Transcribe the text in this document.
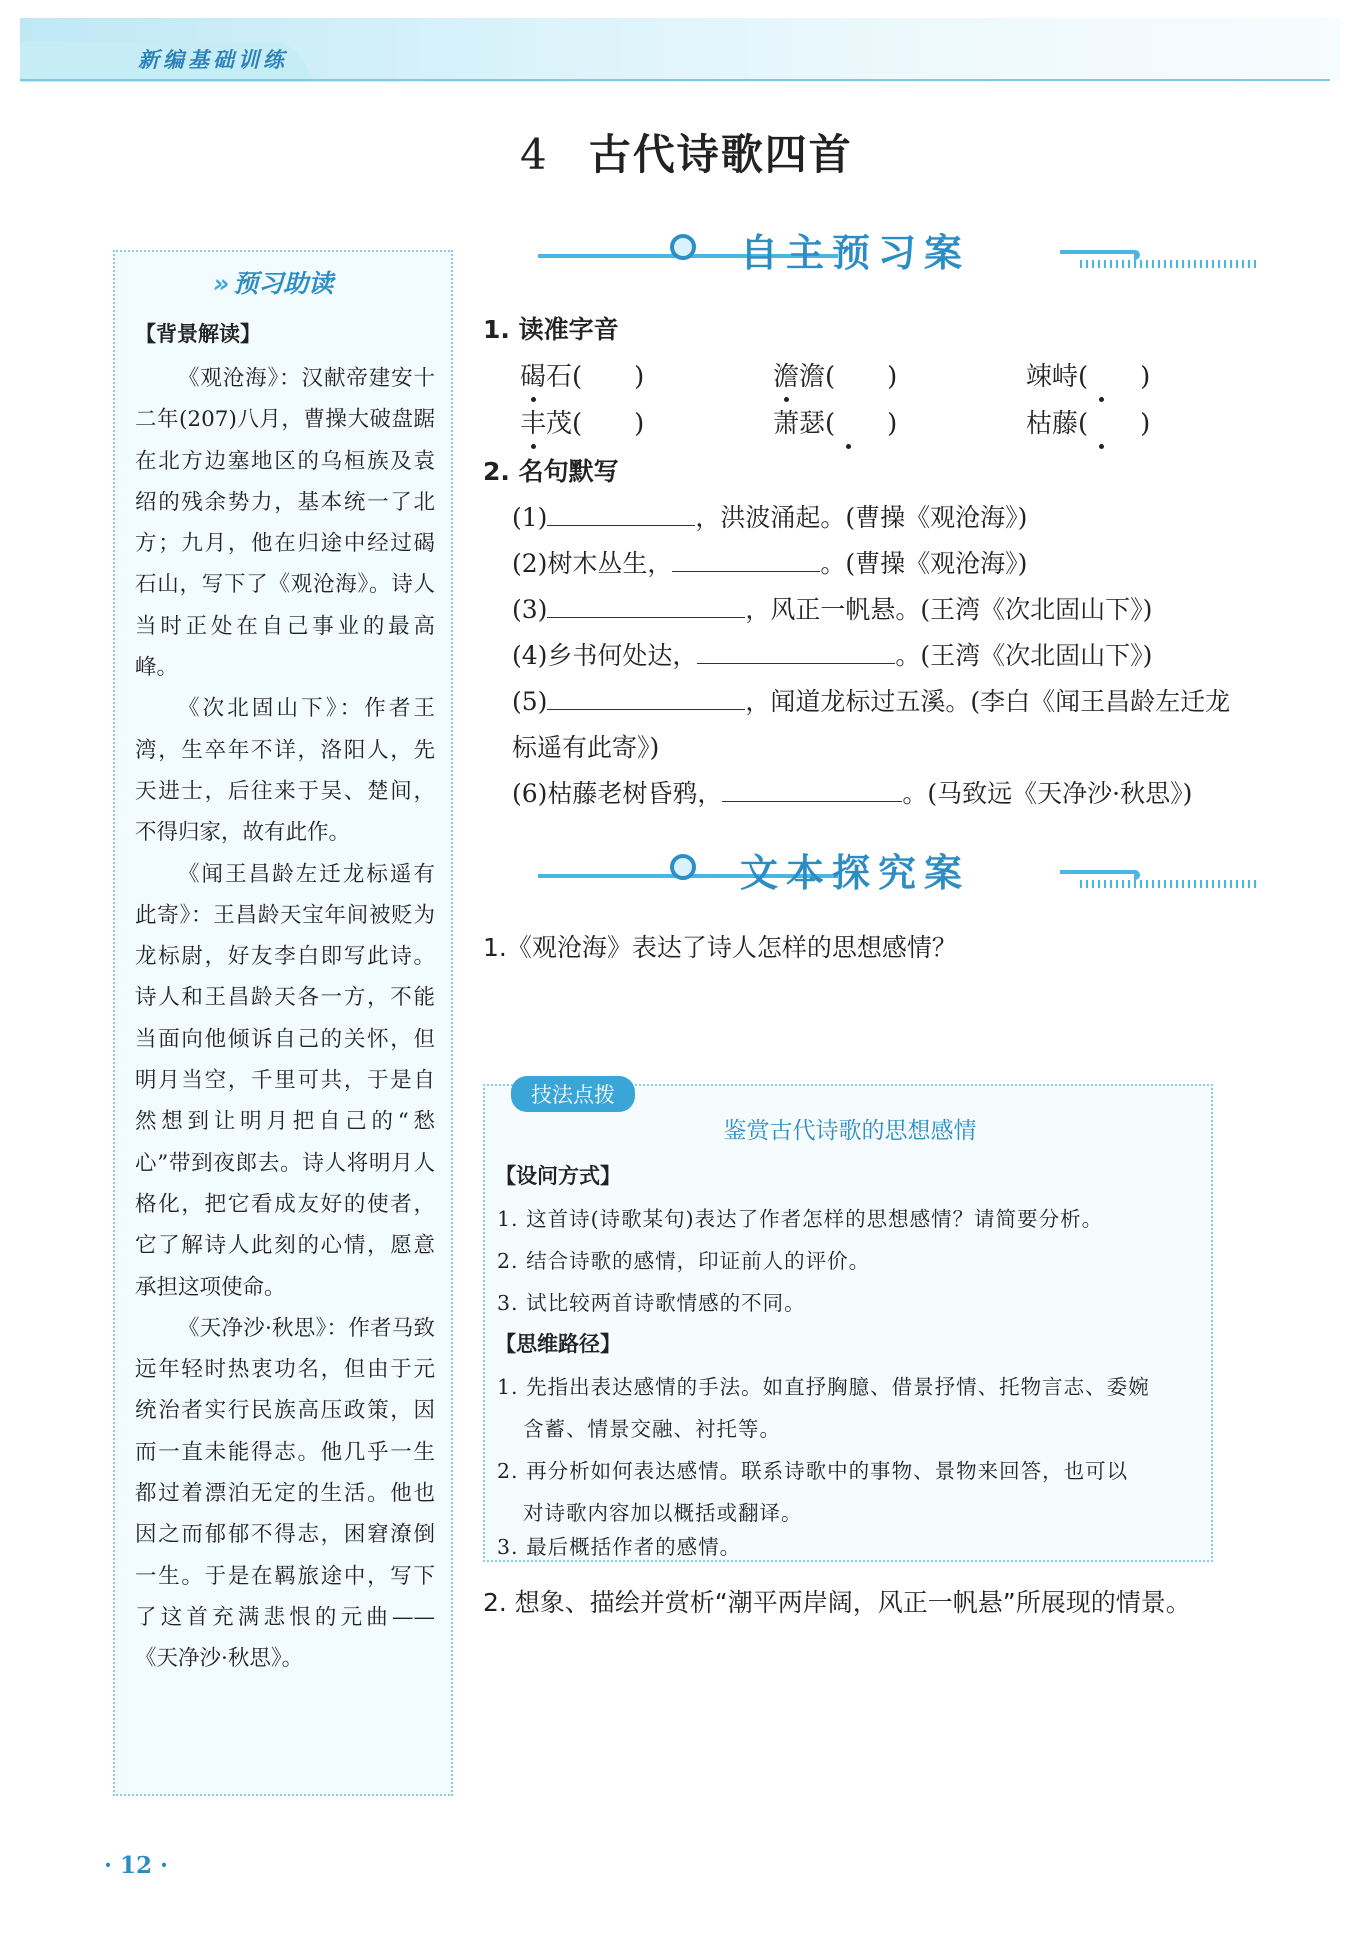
新编基础训练
4 古代诗歌四首
» 预习助读
【背景解读】

《观沧海》：汉献帝建安十二年(207)八月，曹操大破盘踞在北方边塞地区的乌桓族及袁绍的残余势力，基本统一了北方；九月，他在归途中经过碣石山，写下了《观沧海》。诗人当时正处在自己事业的最高峰。

《次北固山下》：作者王湾，生卒年不详，洛阳人，先天进士，后往来于吴、楚间，不得归家，故有此作。

《闻王昌龄左迁龙标遥有此寄》：王昌龄天宝年间被贬为龙标尉，好友李白即写此诗。诗人和王昌龄天各一方，不能当面向他倾诉自己的关怀，但明月当空，千里可共，于是自然想到让明月把自己的“愁心”带到夜郎去。诗人将明月人格化，把它看成友好的使者，它了解诗人此刻的心情，愿意承担这项使命。

《天净沙·秋思》：作者马致远年轻时热衷功名，但由于元统治者实行民族高压政策，因而一直未能得志。他几乎一生都过着漂泊无定的生活。他也因之而郁郁不得志，困窘潦倒一生。于是在羁旅途中，写下了这首充满悲恨的元曲——《天净沙·秋思》。

自主预习案
1. 读准字音
碣石(　　)	澹澹(　　)	竦峙(　　)
丰茂(　　)	萧瑟(　　)	枯藤(　　)
2. 名句默写
(1)	，洪波涌起。(曹操《观沧海》)
(2)树木丛生，	。(曹操《观沧海》)
(3)	，风正一帆悬。(王湾《次北固山下》)
(4)乡书何处达，	。(王湾《次北固山下》)
(5)	，闻道龙标过五溪。(李白《闻王昌龄左迁龙
标遥有此寄》)
(6)枯藤老树昏鸦，	。(马致远《天净沙·秋思》)
文本探究案
1.《观沧海》表达了诗人怎样的思想感情？
技法点拨
鉴赏古代诗歌的思想感情
【设问方式】
1. 这首诗(诗歌某句)表达了作者怎样的思想感情？请简要分析。
2. 结合诗歌的感情，印证前人的评价。
3. 试比较两首诗歌情感的不同。
【思维路径】
1. 先指出表达感情的手法。如直抒胸臆、借景抒情、托物言志、委婉
含蓄、情景交融、衬托等。
2. 再分析如何表达感情。联系诗歌中的事物、景物来回答，也可以
对诗歌内容加以概括或翻译。
3. 最后概括作者的感情。
2. 想象、描绘并赏析“潮平两岸阔，风正一帆悬”所展现的情景。
· 12 ·
